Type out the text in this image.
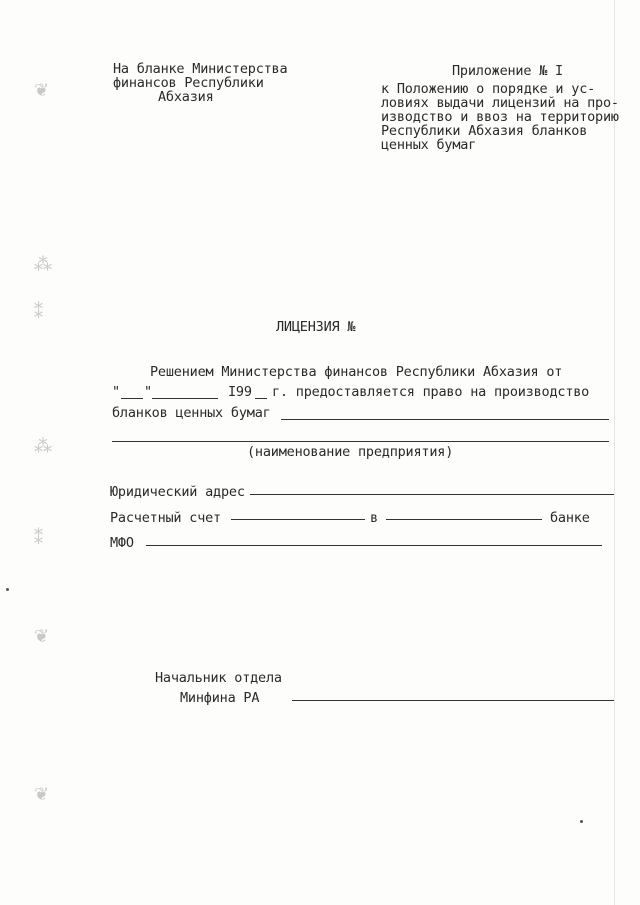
❦
⁂
⁑
⁂
⁑
❦
❦
На бланке Министерства
финансов Республики
Абхазия
Приложение № I
к Положению о порядке и ус-
ловиях выдачи лицензий на про-
изводство и ввоз на территорию
Республики Абхазия бланков
ценных бумаг
ЛИЦЕНЗИЯ №
Решением Министерства финансов Республики Абхазия от
" "	I99 г. предоставляется право на производство
бланков ценных бумаг
(наименование предприятия)
Юридический адрес
Расчетный счет	в	банке
МФО
Начальник отдела
Минфина РА
